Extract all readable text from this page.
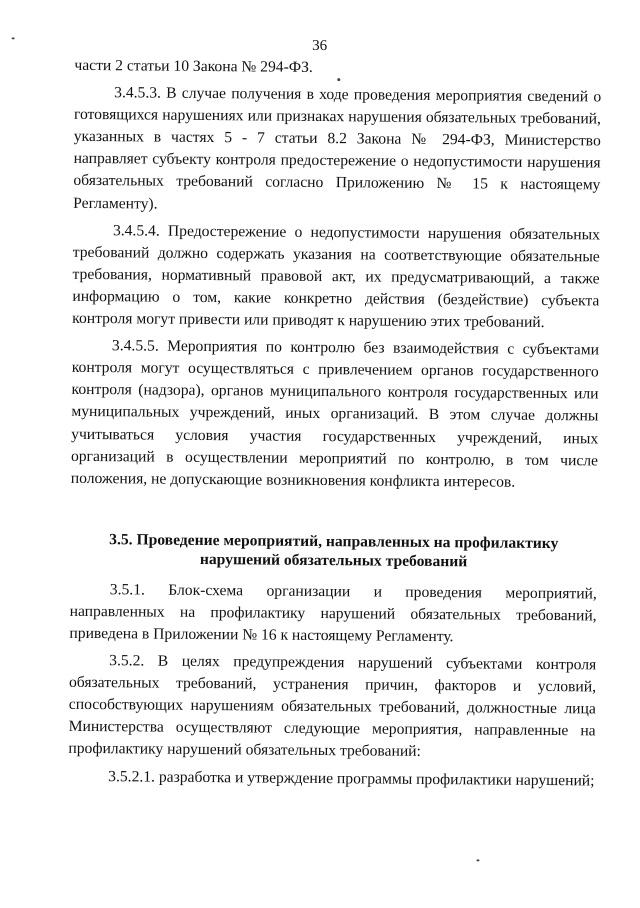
36

части 2 статьи 10 Закона № 294-ФЗ.

3.4.5.3. В случае получения в ходе проведения мероприятия сведений о готовящихся нарушениях или признаках нарушения обязательных требований, указанных в частях 5 - 7 статьи 8.2 Закона № 294-ФЗ, Министерство направляет субъекту контроля предостережение о недопустимости нарушения обязательных требований согласно Приложению № 15 к настоящему Регламенту).

3.4.5.4. Предостережение о недопустимости нарушения обязательных требований должно содержать указания на соответствующие обязательные требования, нормативный правовой акт, их предусматривающий, а также информацию о том, какие конкретно действия (бездействие) субъекта контроля могут привести или приводят к нарушению этих требований.

3.4.5.5. Мероприятия по контролю без взаимодействия с субъектами контроля могут осуществляться с привлечением органов государственного контроля (надзора), органов муниципального контроля государственных или муниципальных учреждений, иных организаций. В этом случае должны учитываться условия участия государственных учреждений, иных организаций в осуществлении мероприятий по контролю, в том числе положения, не допускающие возникновения конфликта интересов.

3.5. Проведение мероприятий, направленных на профилактику
нарушений обязательных требований

3.5.1. Блок-схема организации и проведения мероприятий, направленных на профилактику нарушений обязательных требований, приведена в Приложении № 16 к настоящему Регламенту.

3.5.2. В целях предупреждения нарушений субъектами контроля обязательных требований, устранения причин, факторов и условий, способствующих нарушениям обязательных требований, должностные лица Министерства осуществляют следующие мероприятия, направленные на профилактику нарушений обязательных требований:

3.5.2.1. разработка и утверждение программы профилактики нарушений;
